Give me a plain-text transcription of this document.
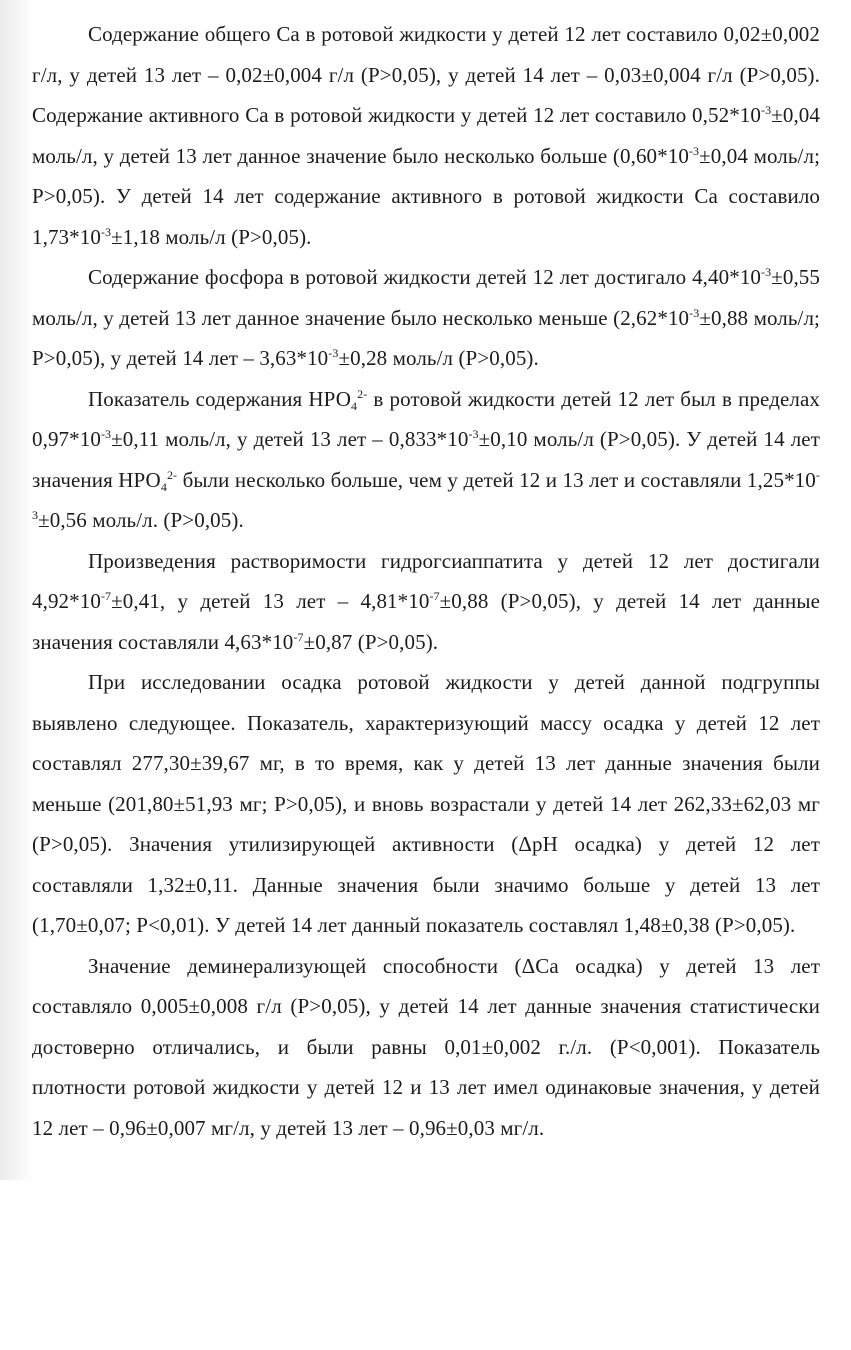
Содержание общего Са в ротовой жидкости у детей 12 лет составило 0,02±0,002 г/л, у детей 13 лет – 0,02±0,004 г/л (Р>0,05), у детей 14 лет – 0,03±0,004 г/л (Р>0,05). Содержание активного Са в ротовой жидкости у детей 12 лет составило $0,52*10^{-3}\pm 0,04$ моль/л, у детей 13 лет данное значение было несколько больше ($0,60*10^{-3}\pm 0,04$ моль/л; Р>0,05). У детей 14 лет содержание активного в ротовой жидкости Са составило $1,73*10^{-3}\pm 1,18$ моль/л (Р>0,05).

Содержание фосфора в ротовой жидкости детей 12 лет достигало $4,40*10^{-3}\pm 0,55$ моль/л, у детей 13 лет данное значение было несколько меньше ($2,62*10^{-3}\pm 0,88$ моль/л; Р>0,05), у детей 14 лет – $3,63*10^{-3}\pm 0,28$ моль/л (Р>0,05).

Показатель содержания $НРО_4^{2-}$ в ротовой жидкости детей 12 лет был в пределах $0,97*10^{-3}\pm 0,11$ моль/л, у детей 13 лет – $0,833*10^{-3}\pm 0,10$ моль/л (Р>0,05). У детей 14 лет значения $НРО_4^{2-}$ были несколько больше, чем у детей 12 и 13 лет и составляли $1,25*10^{-3}\pm 0,56$ моль/л. (Р>0,05).

Произведения растворимости гидрогсиаппатита у детей 12 лет достигали $4,92*10^{-7}\pm 0,41$, у детей 13 лет – $4,81*10^{-7}\pm 0,88$ (Р>0,05), у детей 14 лет данные значения составляли $4,63*10^{-7}\pm 0,87$ (Р>0,05).

При исследовании осадка ротовой жидкости у детей данной подгруппы выявлено следующее. Показатель, характеризующий массу осадка у детей 12 лет составлял 277,30±39,67 мг, в то время, как у детей 13 лет данные значения были меньше (201,80±51,93 мг; Р>0,05), и вновь возрастали у детей 14 лет 262,33±62,03 мг (Р>0,05). Значения утилизирующей активности (ΔрН осадка) у детей 12 лет составляли 1,32±0,11. Данные значения были значимо больше у детей 13 лет (1,70±0,07; Р<0,01). У детей 14 лет данный показатель составлял 1,48±0,38 (Р>0,05).

Значение деминерализующей способности (ΔСа осадка) у детей 13 лет составляло 0,005±0,008 г/л (Р>0,05), у детей 14 лет данные значения статистически достоверно отличались, и были равны 0,01±0,002 г./л. (Р<0,001). Показатель плотности ротовой жидкости у детей 12 и 13 лет имел одинаковые значения, у детей 12 лет – 0,96±0,007 мг/л, у детей 13 лет – 0,96±0,03 мг/л.
